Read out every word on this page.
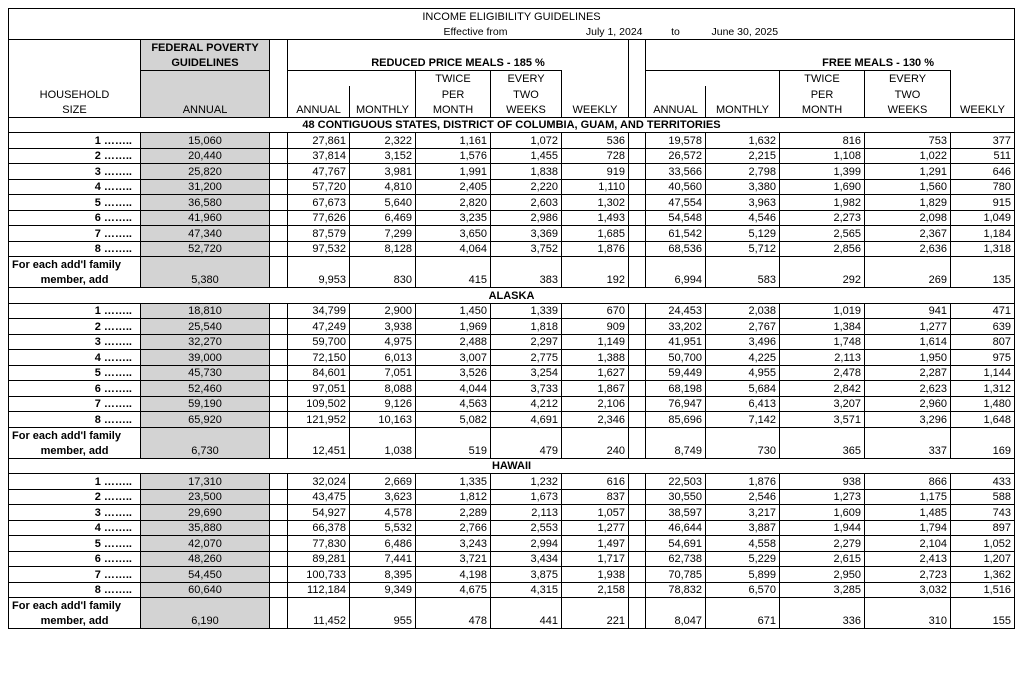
INCOME ELIGIBILITY GUIDELINES													
					Effective from		July 1, 2024		to	June 30, 2025			
	FEDERAL POVERTY												
	GUIDELINES		REDUCED PRICE MEALS - 185 %						FREE MEALS - 130 %				
					TWICE	EVERY					TWICE	EVERY	
HOUSEHOLD					PER	TWO					PER	TWO	
SIZE	ANNUAL		ANNUAL	MONTHLY	MONTH	WEEKS	WEEKLY		ANNUAL	MONTHLY	MONTH	WEEKS	WEEKLY
48 CONTIGUOUS STATES, DISTRICT OF COLUMBIA, GUAM, AND TERRITORIES													
1 ……..	15,060		27,861	2,322	1,161	1,072	536		19,578	1,632	816	753	377
2 ……..	20,440		37,814	3,152	1,576	1,455	728		26,572	2,215	1,108	1,022	511
3 ……..	25,820		47,767	3,981	1,991	1,838	919		33,566	2,798	1,399	1,291	646
4 ……..	31,200		57,720	4,810	2,405	2,220	1,110		40,560	3,380	1,690	1,560	780
5 ……..	36,580		67,673	5,640	2,820	2,603	1,302		47,554	3,963	1,982	1,829	915
6 ……..	41,960		77,626	6,469	3,235	2,986	1,493		54,548	4,546	2,273	2,098	1,049
7 ……..	47,340		87,579	7,299	3,650	3,369	1,685		61,542	5,129	2,565	2,367	1,184
8 ……..	52,720		97,532	8,128	4,064	3,752	1,876		68,536	5,712	2,856	2,636	1,318
For each add'l family													
member, add	5,380		9,953	830	415	383	192		6,994	583	292	269	135
ALASKA													
1 ……..	18,810		34,799	2,900	1,450	1,339	670		24,453	2,038	1,019	941	471
2 ……..	25,540		47,249	3,938	1,969	1,818	909		33,202	2,767	1,384	1,277	639
3 ……..	32,270		59,700	4,975	2,488	2,297	1,149		41,951	3,496	1,748	1,614	807
4 ……..	39,000		72,150	6,013	3,007	2,775	1,388		50,700	4,225	2,113	1,950	975
5 ……..	45,730		84,601	7,051	3,526	3,254	1,627		59,449	4,955	2,478	2,287	1,144
6 ……..	52,460		97,051	8,088	4,044	3,733	1,867		68,198	5,684	2,842	2,623	1,312
7 ……..	59,190		109,502	9,126	4,563	4,212	2,106		76,947	6,413	3,207	2,960	1,480
8 ……..	65,920		121,952	10,163	5,082	4,691	2,346		85,696	7,142	3,571	3,296	1,648
For each add'l family													
member, add	6,730		12,451	1,038	519	479	240		8,749	730	365	337	169
HAWAII													
1 ……..	17,310		32,024	2,669	1,335	1,232	616		22,503	1,876	938	866	433
2 ……..	23,500		43,475	3,623	1,812	1,673	837		30,550	2,546	1,273	1,175	588
3 ……..	29,690		54,927	4,578	2,289	2,113	1,057		38,597	3,217	1,609	1,485	743
4 ……..	35,880		66,378	5,532	2,766	2,553	1,277		46,644	3,887	1,944	1,794	897
5 ……..	42,070		77,830	6,486	3,243	2,994	1,497		54,691	4,558	2,279	2,104	1,052
6 ……..	48,260		89,281	7,441	3,721	3,434	1,717		62,738	5,229	2,615	2,413	1,207
7 ……..	54,450		100,733	8,395	4,198	3,875	1,938		70,785	5,899	2,950	2,723	1,362
8 ……..	60,640		112,184	9,349	4,675	4,315	2,158		78,832	6,570	3,285	3,032	1,516
For each add'l family													
member, add	6,190		11,452	955	478	441	221		8,047	671	336	310	155
